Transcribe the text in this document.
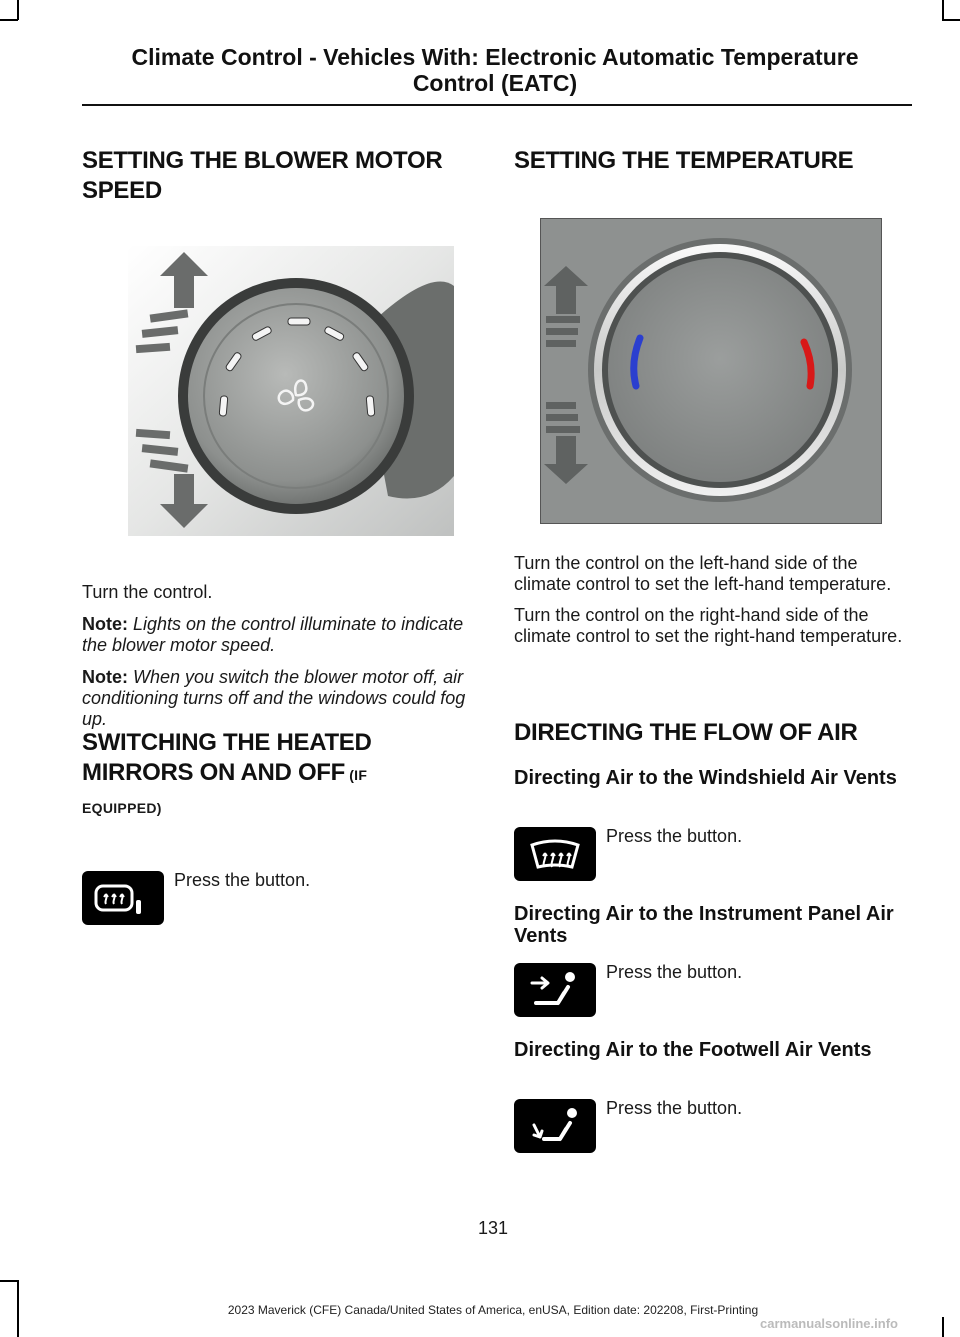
Climate Control - Vehicles With: Electronic Automatic Temperature
Control (EATC)
SETTING THE BLOWER MOTOR
SPEED

Turn the control.

Note: Lights on the control illuminate to indicate the blower motor speed.

Note: When you switch the blower motor off, air conditioning turns off and the windows could fog up.

SWITCHING THE HEATED
MIRRORS ON AND OFF (IF
EQUIPPED)

Press the button.

SETTING THE TEMPERATURE

Turn the control on the left-hand side of the climate control to set the left-hand temperature.

Turn the control on the right-hand side of the climate control to set the right-hand temperature.

DIRECTING THE FLOW OF AIR
Directing Air to the Windshield Air Vents

Press the button.

Directing Air to the Instrument Panel Air Vents

Press the button.

Directing Air to the Footwell Air Vents

Press the button.

131
2023 Maverick (CFE) Canada/United States of America, enUSA, Edition date: 202208, First-Printing
carmanualsonline.info
